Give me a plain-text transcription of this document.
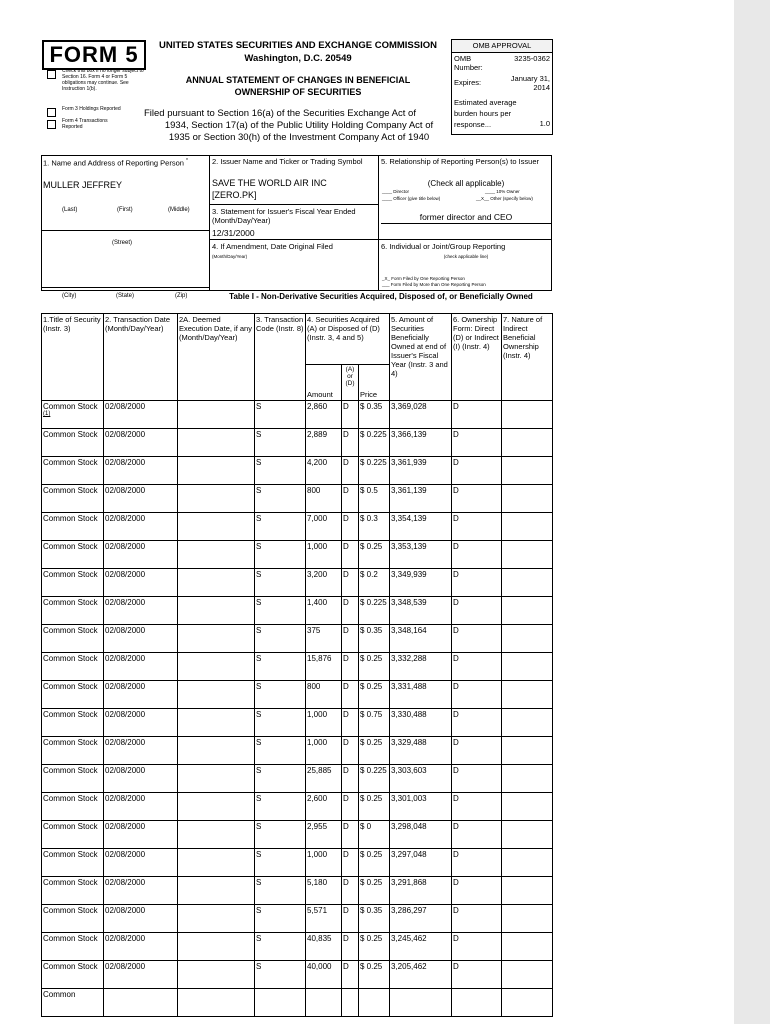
FORM 5
Check this box if no longer subject to Section 16. Form 4 or Form 5 obligations may continue. See Instruction 1(b).
Form 3 Holdings Reported
Form 4 Transactions Reported
UNITED STATES SECURITIES AND EXCHANGE COMMISSION
Washington, D.C. 20549
ANNUAL STATEMENT OF CHANGES IN BENEFICIAL
OWNERSHIP OF SECURITIES
Filed pursuant to Section 16(a) of the Securities Exchange Act of
1934, Section 17(a) of the Public Utility Holding Company Act of
1935 or Section 30(h) of the Investment Company Act of 1940
OMB APPROVAL
OMB Number:
3235-0362
Expires:	January 31, 2014
Estimated average burden hours per response...	1.0
1. Name and Address of Reporting Person *
MULLER JEFFREY
(Last)	(First)	(Middle)
(Street)
(City)	(State)	(Zip)
2. Issuer Name and Ticker or Trading Symbol
SAVE THE WORLD AIR INC
[ZERO.PK]
3. Statement for Issuer's Fiscal Year Ended (Month/Day/Year)
12/31/2000
4. If Amendment, Date Original Filed
(Month/Day/Year)
5. Relationship of Reporting Person(s) to Issuer
(Check all applicable)
____ Director	____ 10% Owner
____ Officer (give title below)	__X__ Other (specify below)
former director and CEO
6. Individual or Joint/Group Reporting
(check applicable line)
_X_ Form Filed by One Reporting Person
___ Form Filed by More than One Reporting Person
Table I - Non-Derivative Securities Acquired, Disposed of, or Beneficially Owned
1.Title of Security (Instr. 3)	2. Transaction Date (Month/Day/Year)	2A. Deemed Execution Date, if any (Month/Day/Year)	3. Transaction Code (Instr. 8)	4. Securities Acquired (A) or Disposed of (D) (Instr. 3, 4 and 5)			5. Amount of Securities Beneficially Owned at end of Issuer's Fiscal Year (Instr. 3 and 4)	6. Ownership Form: Direct (D) or Indirect (I) (Instr. 4)	7. Nature of Indirect Beneficial Ownership (Instr. 4)
				Amount	(A) or (D)	Price			
Common Stock $^{(1)}$	02/08/2000		S	2,860	D	$ 0.35	3,369,028	D	
Common Stock	02/08/2000		S	2,889	D	$ 0.225	3,366,139	D	
Common Stock	02/08/2000		S	4,200	D	$ 0.225	3,361,939	D	
Common Stock	02/08/2000		S	800	D	$ 0.5	3,361,139	D	
Common Stock	02/08/2000		S	7,000	D	$ 0.3	3,354,139	D	
Common Stock	02/08/2000		S	1,000	D	$ 0.25	3,353,139	D	
Common Stock	02/08/2000		S	3,200	D	$ 0.2	3,349,939	D	
Common Stock	02/08/2000		S	1,400	D	$ 0.225	3,348,539	D	
Common Stock	02/08/2000		S	375	D	$ 0.35	3,348,164	D	
Common Stock	02/08/2000		S	15,876	D	$ 0.25	3,332,288	D	
Common Stock	02/08/2000		S	800	D	$ 0.25	3,331,488	D	
Common Stock	02/08/2000		S	1,000	D	$ 0.75	3,330,488	D	
Common Stock	02/08/2000		S	1,000	D	$ 0.25	3,329,488	D	
Common Stock	02/08/2000		S	25,885	D	$ 0.225	3,303,603	D	
Common Stock	02/08/2000		S	2,600	D	$ 0.25	3,301,003	D	
Common Stock	02/08/2000		S	2,955	D	$ 0	3,298,048	D	
Common Stock	02/08/2000		S	1,000	D	$ 0.25	3,297,048	D	
Common Stock	02/08/2000		S	5,180	D	$ 0.25	3,291,868	D	
Common Stock	02/08/2000		S	5,571	D	$ 0.35	3,286,297	D	
Common Stock	02/08/2000		S	40,835	D	$ 0.25	3,245,462	D	
Common Stock	02/08/2000		S	40,000	D	$ 0.25	3,205,462	D	
Common									
